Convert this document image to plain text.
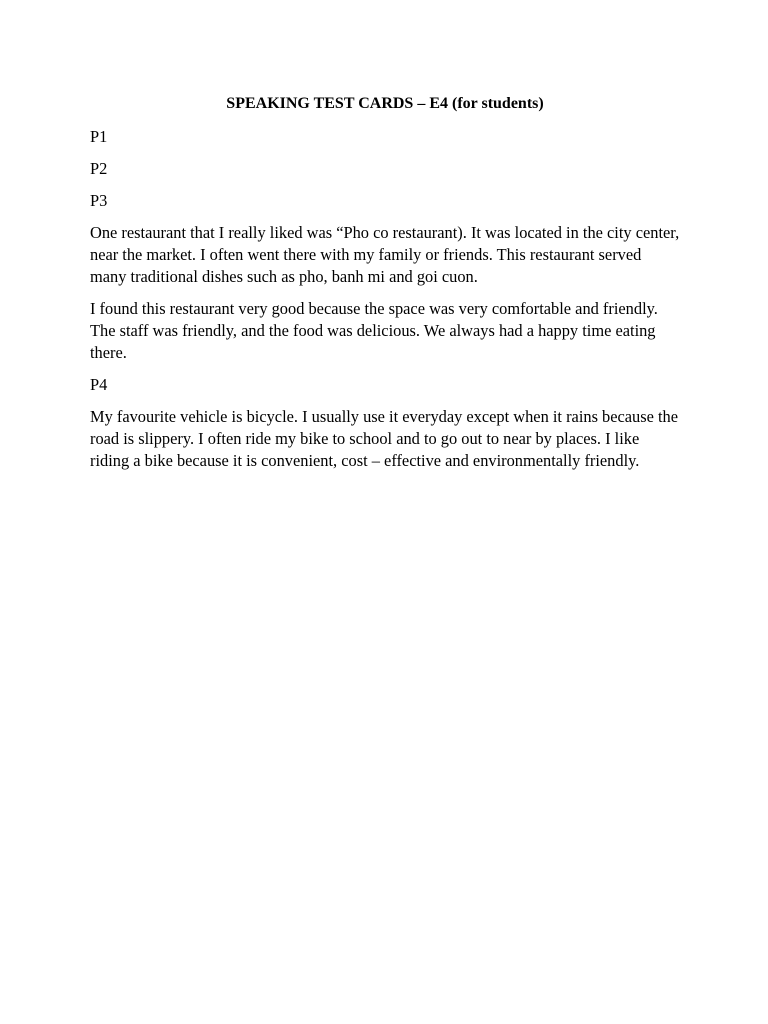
SPEAKING TEST CARDS – E4 (for students)
P1
P2
P3

One restaurant that I really liked was “Pho co restaurant). It was located in the city center, near the market. I often went there with my family or friends. This restaurant served many traditional dishes such as pho, banh mi and goi cuon.

I found this restaurant very good because the space was very comfortable and friendly. The staff was friendly, and the food was delicious. We always had a happy time eating there.

P4

My favourite vehicle is bicycle. I usually use it everyday except when it rains because the road is slippery. I often ride my bike to school and to go out to near by places. I like riding a bike because it is convenient, cost – effective and environmentally friendly.
